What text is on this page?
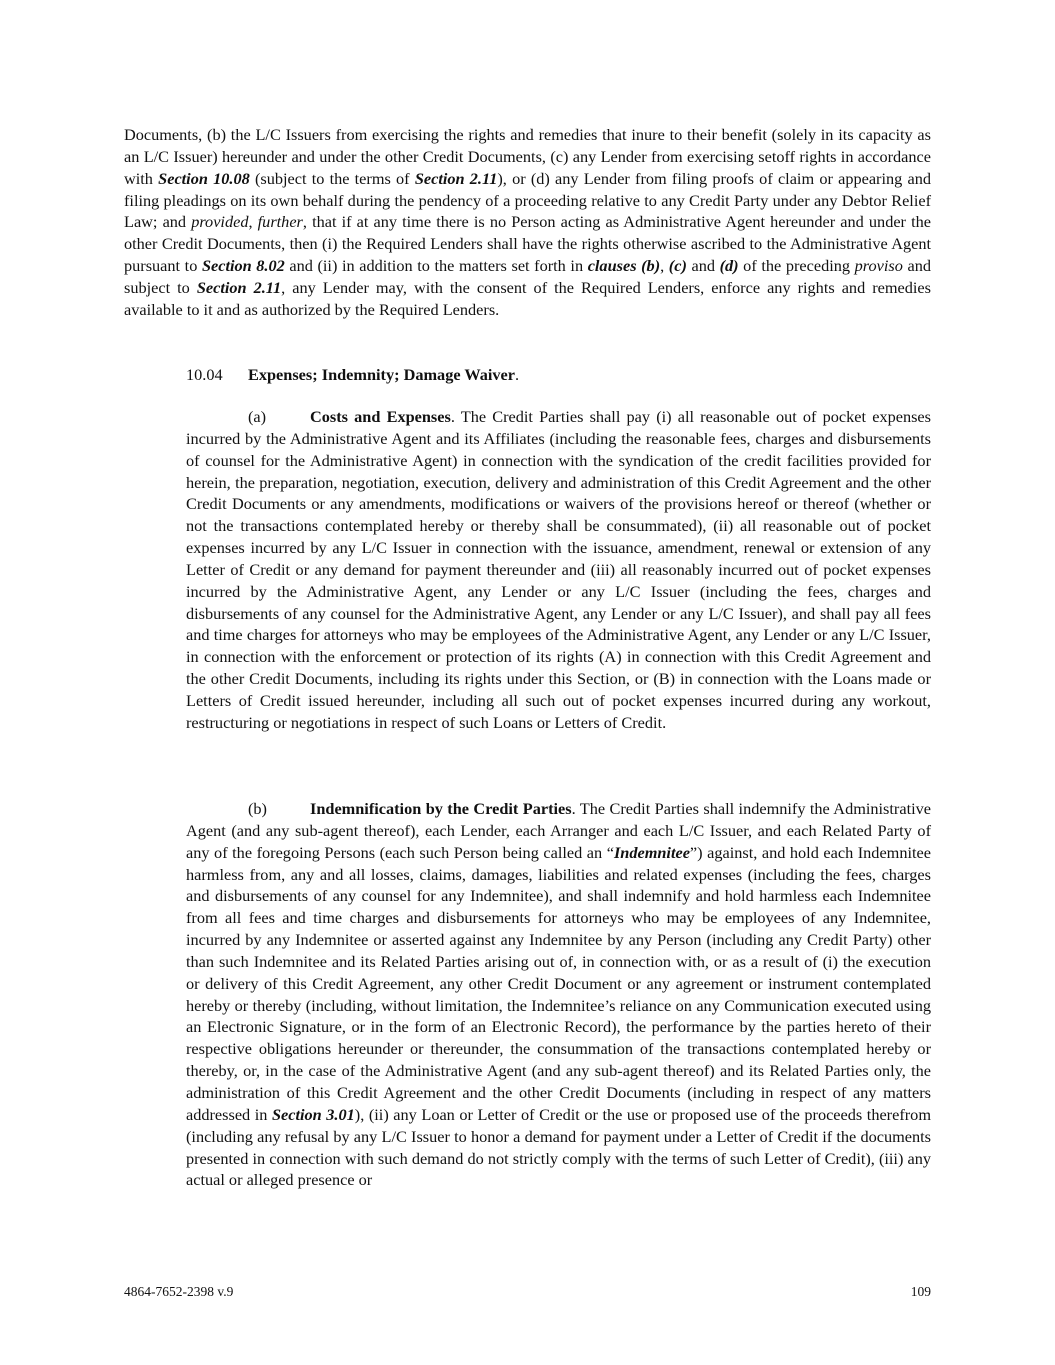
Documents, (b) the L/C Issuers from exercising the rights and remedies that inure to their benefit (solely in its capacity as an L/C Issuer) hereunder and under the other Credit Documents, (c) any Lender from exercising setoff rights in accordance with Section 10.08 (subject to the terms of Section 2.11), or (d) any Lender from filing proofs of claim or appearing and filing pleadings on its own behalf during the pendency of a proceeding relative to any Credit Party under any Debtor Relief Law; and provided, further, that if at any time there is no Person acting as Administrative Agent hereunder and under the other Credit Documents, then (i) the Required Lenders shall have the rights otherwise ascribed to the Administrative Agent pursuant to Section 8.02 and (ii) in addition to the matters set forth in clauses (b), (c) and (d) of the preceding proviso and subject to Section 2.11, any Lender may, with the consent of the Required Lenders, enforce any rights and remedies available to it and as authorized by the Required Lenders.

10.04 Expenses; Indemnity; Damage Waiver.

(a)	Costs and Expenses. The Credit Parties shall pay (i) all reasonable out of pocket expenses incurred by the Administrative Agent and its Affiliates (including the reasonable fees, charges and disbursements of counsel for the Administrative Agent) in connection with the syndication of the credit facilities provided for herein, the preparation, negotiation, execution, delivery and administration of this Credit Agreement and the other Credit Documents or any amendments, modifications or waivers of the provisions hereof or thereof (whether or not the transactions contemplated hereby or thereby shall be consummated), (ii) all reasonable out of pocket expenses incurred by any L/C Issuer in connection with the issuance, amendment, renewal or extension of any Letter of Credit or any demand for payment thereunder and (iii) all reasonably incurred out of pocket expenses incurred by the Administrative Agent, any Lender or any L/C Issuer (including the fees, charges and disbursements of any counsel for the Administrative Agent, any Lender or any L/C Issuer), and shall pay all fees and time charges for attorneys who may be employees of the Administrative Agent, any Lender or any L/C Issuer, in connection with the enforcement or protection of its rights (A) in connection with this Credit Agreement and the other Credit Documents, including its rights under this Section, or (B) in connection with the Loans made or Letters of Credit issued hereunder, including all such out of pocket expenses incurred during any workout, restructuring or negotiations in respect of such Loans or Letters of Credit.

(b)	Indemnification by the Credit Parties. The Credit Parties shall indemnify the Administrative Agent (and any sub-agent thereof), each Lender, each Arranger and each L/C Issuer, and each Related Party of any of the foregoing Persons (each such Person being called an “Indemnitee”) against, and hold each Indemnitee harmless from, any and all losses, claims, damages, liabilities and related expenses (including the fees, charges and disbursements of any counsel for any Indemnitee), and shall indemnify and hold harmless each Indemnitee from all fees and time charges and disbursements for attorneys who may be employees of any Indemnitee, incurred by any Indemnitee or asserted against any Indemnitee by any Person (including any Credit Party) other than such Indemnitee and its Related Parties arising out of, in connection with, or as a result of (i) the execution or delivery of this Credit Agreement, any other Credit Document or any agreement or instrument contemplated hereby or thereby (including, without limitation, the Indemnitee’s reliance on any Communication executed using an Electronic Signature, or in the form of an Electronic Record), the performance by the parties hereto of their respective obligations hereunder or thereunder, the consummation of the transactions contemplated hereby or thereby, or, in the case of the Administrative Agent (and any sub-agent thereof) and its Related Parties only, the administration of this Credit Agreement and the other Credit Documents (including in respect of any matters addressed in Section 3.01), (ii) any Loan or Letter of Credit or the use or proposed use of the proceeds therefrom (including any refusal by any L/C Issuer to honor a demand for payment under a Letter of Credit if the documents presented in connection with such demand do not strictly comply with the terms of such Letter of Credit), (iii) any actual or alleged presence or

4864-7652-2398 v.9	109
